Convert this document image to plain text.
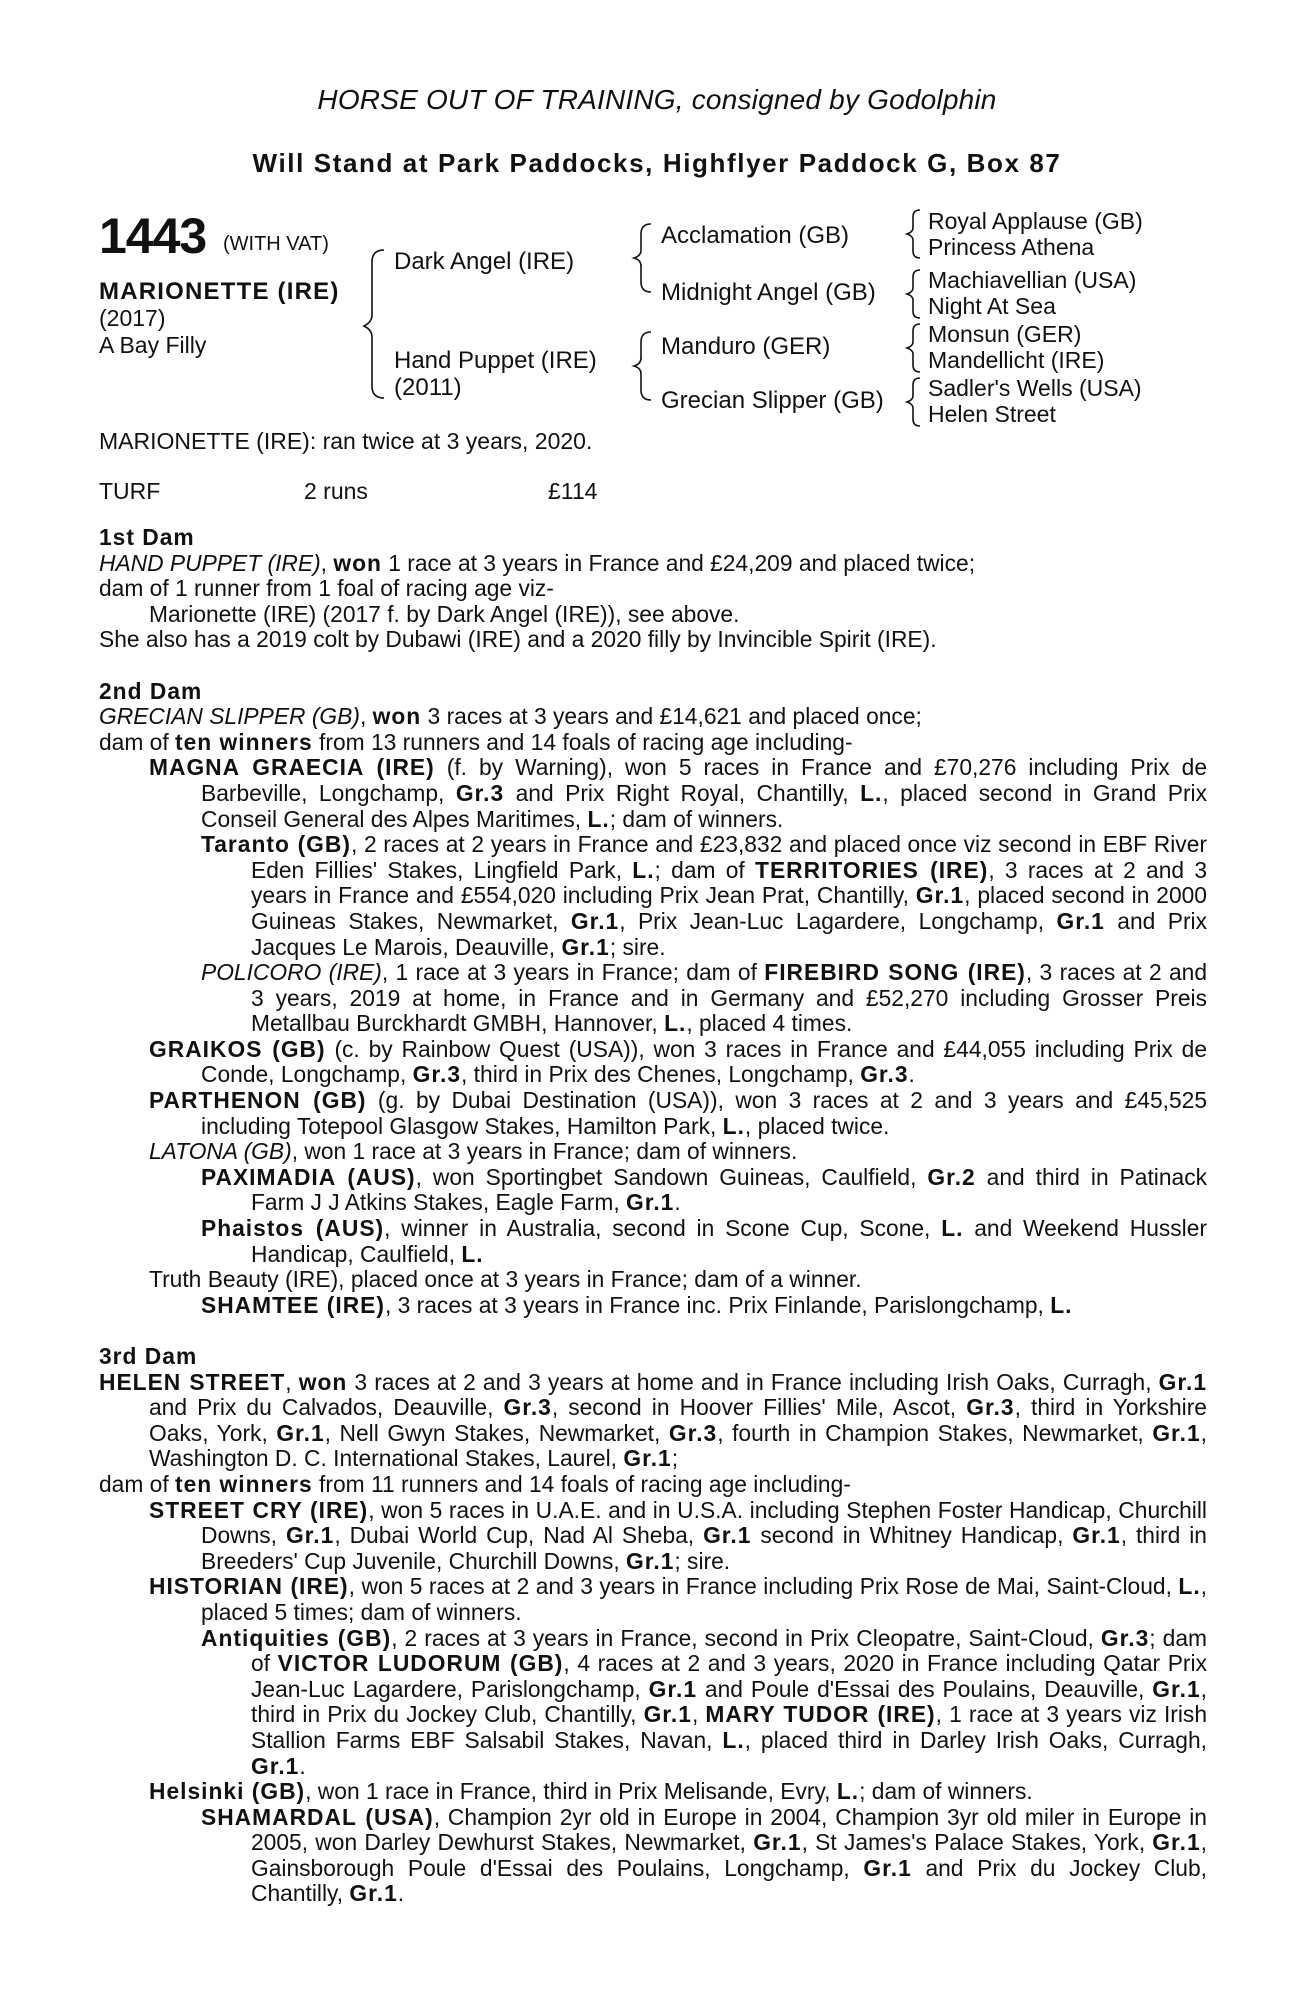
HORSE OUT OF TRAINING, consigned by Godolphin
Will Stand at Park Paddocks, Highflyer Paddock G, Box 87
1443 (WITH VAT)
MARIONETTE (IRE)
(2017)
A Bay Filly
Dark Angel (IRE)
Hand Puppet (IRE)
(2011)
Acclamation (GB)
Midnight Angel (GB)
Manduro (GER)
Grecian Slipper (GB)
Royal Applause (GB)
Princess Athena
Machiavellian (USA)
Night At Sea
Monsun (GER)
Mandellicht (IRE)
Sadler's Wells (USA)
Helen Street
MARIONETTE (IRE): ran twice at 3 years, 2020.
TURF	2 runs	£114

1st Dam

HAND PUPPET (IRE), won 1 race at 3 years in France and £24,209 and placed twice;

dam of 1 runner from 1 foal of racing age viz-

Marionette (IRE) (2017 f. by Dark Angel (IRE)), see above.

She also has a 2019 colt by Dubawi (IRE) and a 2020 filly by Invincible Spirit (IRE).

2nd Dam

GRECIAN SLIPPER (GB), won 3 races at 3 years and £14,621 and placed once;

dam of ten winners from 13 runners and 14 foals of racing age including-

MAGNA GRAECIA (IRE) (f. by Warning), won 5 races in France and £70,276 including Prix de Barbeville, Longchamp, Gr.3 and Prix Right Royal, Chantilly, L., placed second in Grand Prix Conseil General des Alpes Maritimes, L.; dam of winners.

Taranto (GB), 2 races at 2 years in France and £23,832 and placed once viz second in EBF River Eden Fillies' Stakes, Lingfield Park, L.; dam of TERRITORIES (IRE), 3 races at 2 and 3 years in France and £554,020 including Prix Jean Prat, Chantilly, Gr.1, placed second in 2000 Guineas Stakes, Newmarket, Gr.1, Prix Jean-Luc Lagardere, Longchamp, Gr.1 and Prix Jacques Le Marois, Deauville, Gr.1; sire.

POLICORO (IRE), 1 race at 3 years in France; dam of FIREBIRD SONG (IRE), 3 races at 2 and 3 years, 2019 at home, in France and in Germany and £52,270 including Grosser Preis Metallbau Burckhardt GMBH, Hannover, L., placed 4 times.

GRAIKOS (GB) (c. by Rainbow Quest (USA)), won 3 races in France and £44,055 including Prix de Conde, Longchamp, Gr.3, third in Prix des Chenes, Longchamp, Gr.3.

PARTHENON (GB) (g. by Dubai Destination (USA)), won 3 races at 2 and 3 years and £45,525 including Totepool Glasgow Stakes, Hamilton Park, L., placed twice.

LATONA (GB), won 1 race at 3 years in France; dam of winners.

PAXIMADIA (AUS), won Sportingbet Sandown Guineas, Caulfield, Gr.2 and third in Patinack Farm J J Atkins Stakes, Eagle Farm, Gr.1.

Phaistos (AUS), winner in Australia, second in Scone Cup, Scone, L. and Weekend Hussler Handicap, Caulfield, L.

Truth Beauty (IRE), placed once at 3 years in France; dam of a winner.

SHAMTEE (IRE), 3 races at 3 years in France inc. Prix Finlande, Parislongchamp, L.

3rd Dam

HELEN STREET, won 3 races at 2 and 3 years at home and in France including Irish Oaks, Curragh, Gr.1 and Prix du Calvados, Deauville, Gr.3, second in Hoover Fillies' Mile, Ascot, Gr.3, third in Yorkshire Oaks, York, Gr.1, Nell Gwyn Stakes, Newmarket, Gr.3, fourth in Champion Stakes, Newmarket, Gr.1, Washington D. C. International Stakes, Laurel, Gr.1;

dam of ten winners from 11 runners and 14 foals of racing age including-

STREET CRY (IRE), won 5 races in U.A.E. and in U.S.A. including Stephen Foster Handicap, Churchill Downs, Gr.1, Dubai World Cup, Nad Al Sheba, Gr.1 second in Whitney Handicap, Gr.1, third in Breeders' Cup Juvenile, Churchill Downs, Gr.1; sire.

HISTORIAN (IRE), won 5 races at 2 and 3 years in France including Prix Rose de Mai, Saint-Cloud, L., placed 5 times; dam of winners.

Antiquities (GB), 2 races at 3 years in France, second in Prix Cleopatre, Saint-Cloud, Gr.3; dam of VICTOR LUDORUM (GB), 4 races at 2 and 3 years, 2020 in France including Qatar Prix Jean-Luc Lagardere, Parislongchamp, Gr.1 and Poule d'Essai des Poulains, Deauville, Gr.1, third in Prix du Jockey Club, Chantilly, Gr.1, MARY TUDOR (IRE), 1 race at 3 years viz Irish Stallion Farms EBF Salsabil Stakes, Navan, L., placed third in Darley Irish Oaks, Curragh, Gr.1.

Helsinki (GB), won 1 race in France, third in Prix Melisande, Evry, L.; dam of winners.

SHAMARDAL (USA), Champion 2yr old in Europe in 2004, Champion 3yr old miler in Europe in 2005, won Darley Dewhurst Stakes, Newmarket, Gr.1, St James's Palace Stakes, York, Gr.1, Gainsborough Poule d'Essai des Poulains, Longchamp, Gr.1 and Prix du Jockey Club, Chantilly, Gr.1.
